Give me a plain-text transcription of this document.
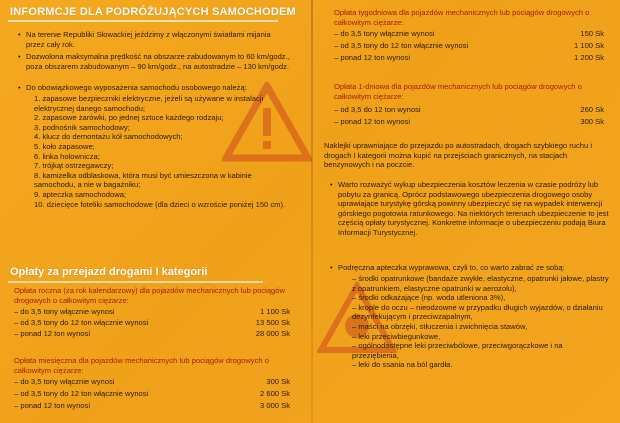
INFORMCJE DLA PODRÓŻUJĄCYCH SAMOCHODEM
• Na terenie Republiki Słowackiej jeździmy z włączonymi światłami mijania przez cały rok.
• Dozwolona maksymalna prędkość na obszarze zabudowanym to 60 km/godz., poza obszarem zabudowanym – 90 km/godz., na autostradzie – 130 km/godz.
• Do obowiązkowego wyposażenia samochodu osobowego należą:
1. zapasowe bezpieczniki elektryczne, jeżeli są używane w instalacji elektrycznej danego samochodu;
2. zapasowe żarówki, po jednej sztuce każdego rodzaju;
3. podnośnik samochodowy;
4. klucz do demontażu kół samochodowych;
5. koło zapasowe;
6. linka holownicza;
7. trójkąt ostrzegawczy;
8. kamizelka odblaskowa, która musi być umieszczona w kabinie samochodu, a nie w bagażniku;
9. apteczka samochodowa;
10. dziecięce foteliki samochodowe (dla dzieci o wzroście poniżej 150 cm).
Opłaty za przejazd drogami I kategorii
Opłata roczna (za rok kalendarzowy) dla pojazdów mechanicznych lub pociągów drogowych o całkowitym ciężarze:
– do 3,5 tony włącznie wynosi	1 100 Sk
– od 3,5 tony do 12 ton włącznie wynosi	13 500 Sk
– ponad 12 ton wynosi	28 000 Sk
Opłata miesięczna dla pojazdów mechanicznych lub pociągów drogowych o całkowitym ciężarze:
– do 3,5 tony włącznie wynosi	300 Sk
– od 3,5 tony do 12 ton włącznie wynosi	2 600 Sk
– ponad 12 ton wynosi	3 000 Sk
Opłata tygodniowa dla pojazdów mechanicznych lub pociągów drogowych o całkowitym ciężarze:
– do 3,5 tony włącznie wynosi	150 Sk
– od 3,5 tony do 12 ton włącznie wynosi	1 100 Sk
– ponad 12 ton wynosi	1 200 Sk
Opłata 1-dniowa dla pojazdów mechanicznych lub pociągów drogowych o całkowitym ciężarze:
– od 3,5 do 12 ton wynosi	260 Sk
– ponad 12 ton wynosi	300 Sk
Naklejki uprawniające do przejazdu po autostradach, drogach szybkiego ruchu i drogach I kategorii można kupić na przejściach granicznych, na stacjach benzynowych i na poczcie.
• Warto rozważyć wykup ubezpieczenia kosztów leczenia w czasie podróży lub pobytu za granicą. Oprócz podstawowego ubezpieczenia drogowego osoby uprawiające turystykę górską powinny ubezpieczyć się na wypadek interwencji górskiego pogotowia ratunkowego. Na niektórych terenach ubezpieczenie to jest częścią opłaty turystycznej. Konkretne informacje o ubezpieczeniu podają Biura Informacji Turystycznej.
• Podręczna apteczka wyprawowa, czyli to, co warto zabrać ze sobą:
– środki opatrunkowe (bandaże zwykłe, elastyczne, opatrunki jałowe, plastry z opatrunkiem, elastyczne opatrunki w aerozolu),
– środki odkażające (np. woda utleniona 3%),
– krople do oczu – nieodzowne w przypadku długich wyjazdów, o działaniu dezynfekującym i przeciwzapalnym,
– maści na obrzęki, stłuczenia i zwichnięcia stawów,
– leki przeciwbiegunkowe,
– ogólnodostępne leki przeciwbólowe, przeciwgorączkowe i na przeziębienia,
– leki do ssania na ból gardła.
